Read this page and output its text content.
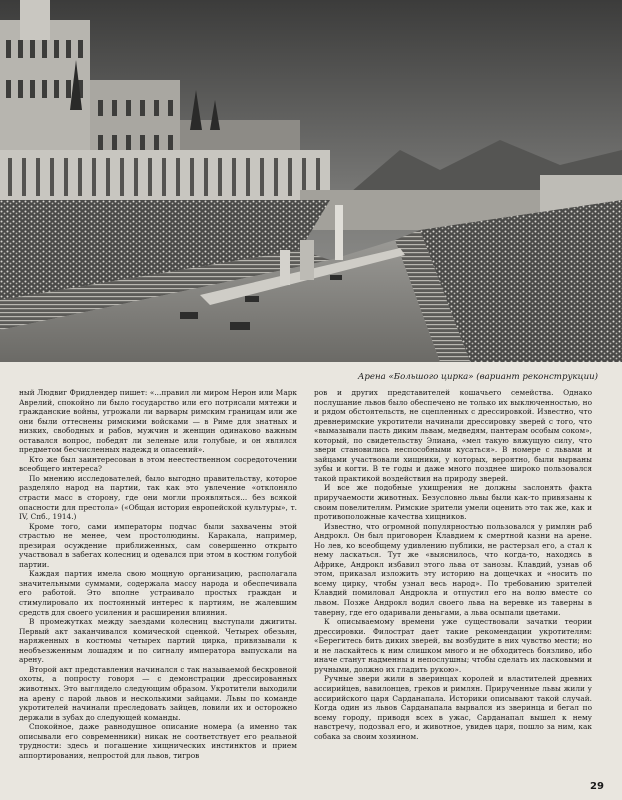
Арена «Большого цирка» (вариант реконструкции)

ный Людвиг Фридлендер пишет: «...правил ли миром Нерон или Марк Аврелий, спокойно ли было государство или его потрясали мятежи и гражданские войны, угрожали ли варвары римским границам или же они были оттеснены римскими войсками — в Риме для знатных и низких, свободных и рабов, мужчин и женщин одинаково важным оставался вопрос, победят ли зеленые или голубые, и он являлся предметом бесчисленных надежд и опасений».

Кто же был заинтересован в этом неестественном сосредоточении всеобщего интереса?

По мнению исследователей, было выгодно правительству, которое разделяло народ на партии, так как это увлечение «отклоняло страсти масс в сторону, где они могли проявляться... без всякой опасности для престола» («Общая история европейской культуры», т. IV, Спб., 1914.)

Кроме того, сами императоры подчас были захвачены этой страстью не менее, чем простолюдины. Каракала, например, презирая осуждение приближенных, сам совершенно открыто участвовал в забегах колесниц и одевался при этом в костюм голубой партии.

Каждая партия имела свою мощную организацию, располагала значительными суммами, содержала массу народа и обеспечивала его работой. Это вполне устраивало простых граждан и стимулировало их постоянный интерес к партиям, не жалевшим средств для своего усиления и расширения влияния.

В промежутках между заездами колесниц выступали джигиты. Первый акт заканчивался комической сценкой. Четырех обезьян, наряженных в костюмы четырех партий цирка, привязывали к необъезженным лошадям и по сигналу императора выпускали на арену.

Второй акт представления начинался с так называемой бескровной охоты, а попросту говоря — с демонстрации дрессированных животных. Это выглядело следующим образом. Укротители выходили на арену с парой львов и несколькими зайцами. Львы по команде укротителей начинали преследовать зайцев, ловили их и осторожно держали в зубах до следующей команды.

Спокойное, даже равнодушное описание номера (а именно так описывали его современники) никак не соответствует его реальной трудности: здесь и погашение хищнических инстинктов и прием аппортирования, непростой для львов, тигров

ров и других представителей кошачьего семейства. Однако послушание львов было обеспечено не только их выключенностью, но и рядом обстоятельств, не сцепленных с дрессировкой. Известно, что древнеримские укротители начинали дрессировку зверей с того, что «вымазывали пасть диким львам, медведям, пантерам особым соком», который, по свидетельству Элиана, «мел такую вяжущую силу, что звери становились неспособными кусаться». В номере с львами и зайцами участвовали хищники, у которых, вероятно, были вырваны зубы и когти. В те годы и даже много позднее широко пользовался такой практикой воздействия на природу зверей.

И все же подобные ухищрения не должны заслонять факта приручаемости животных. Безусловно львы были как-то привязаны к своим повелителям. Римские зрители умели оценить это так же, как и противоположные качества хищников.

Известно, что огромной популярностью пользовался у римлян раб Андрокл. Он был приговорен Клавдием к смертной казни на арене. Но лев, ко всеобщему удивлению публики, не растерзал его, а стал к нему ласкаться. Тут же «выяснилось, что когда-то, находясь в Африке, Андрокл избавил этого льва от занозы. Клавдий, узнав об этом, приказал изложить эту историю на дощечках и «носить по всему цирку, чтобы узнал весь народ». По требованию зрителей Клавдий помиловал Андрокла и отпустил его на волю вместе со львом. Позже Андрокл водил своего льва на веревке из таверны в таверну, где его одаривали деньгами, а льва осыпали цветами.

К описываемому времени уже существовали зачатки теории дрессировки. Филострат дает такие рекомендации укротителям: «Берегитесь бить диких зверей, вы возбудите в них чувство мести; но и не ласкайтесь к ним слишком много и не обходитесь боязливо, ибо иначе станут надменны и непослушны; чтобы сделать их ласковыми и ручными, должно их гладить рукою».

Ручные звери жили в зверинцах королей и властителей древних ассирийцев, вавилонцев, греков и римлян. Прирученные львы жили у ассирийского царя Сарданапала. Историки описывают такой случай. Когда один из львов Сарданапала вырвался из зверинца и бегал по всему городу, приводя всех в ужас, Сарданапал вышел к нему навстречу, подозвал его, и животное, увидев царя, пошло за ним, как собака за своим хозяином.

29
